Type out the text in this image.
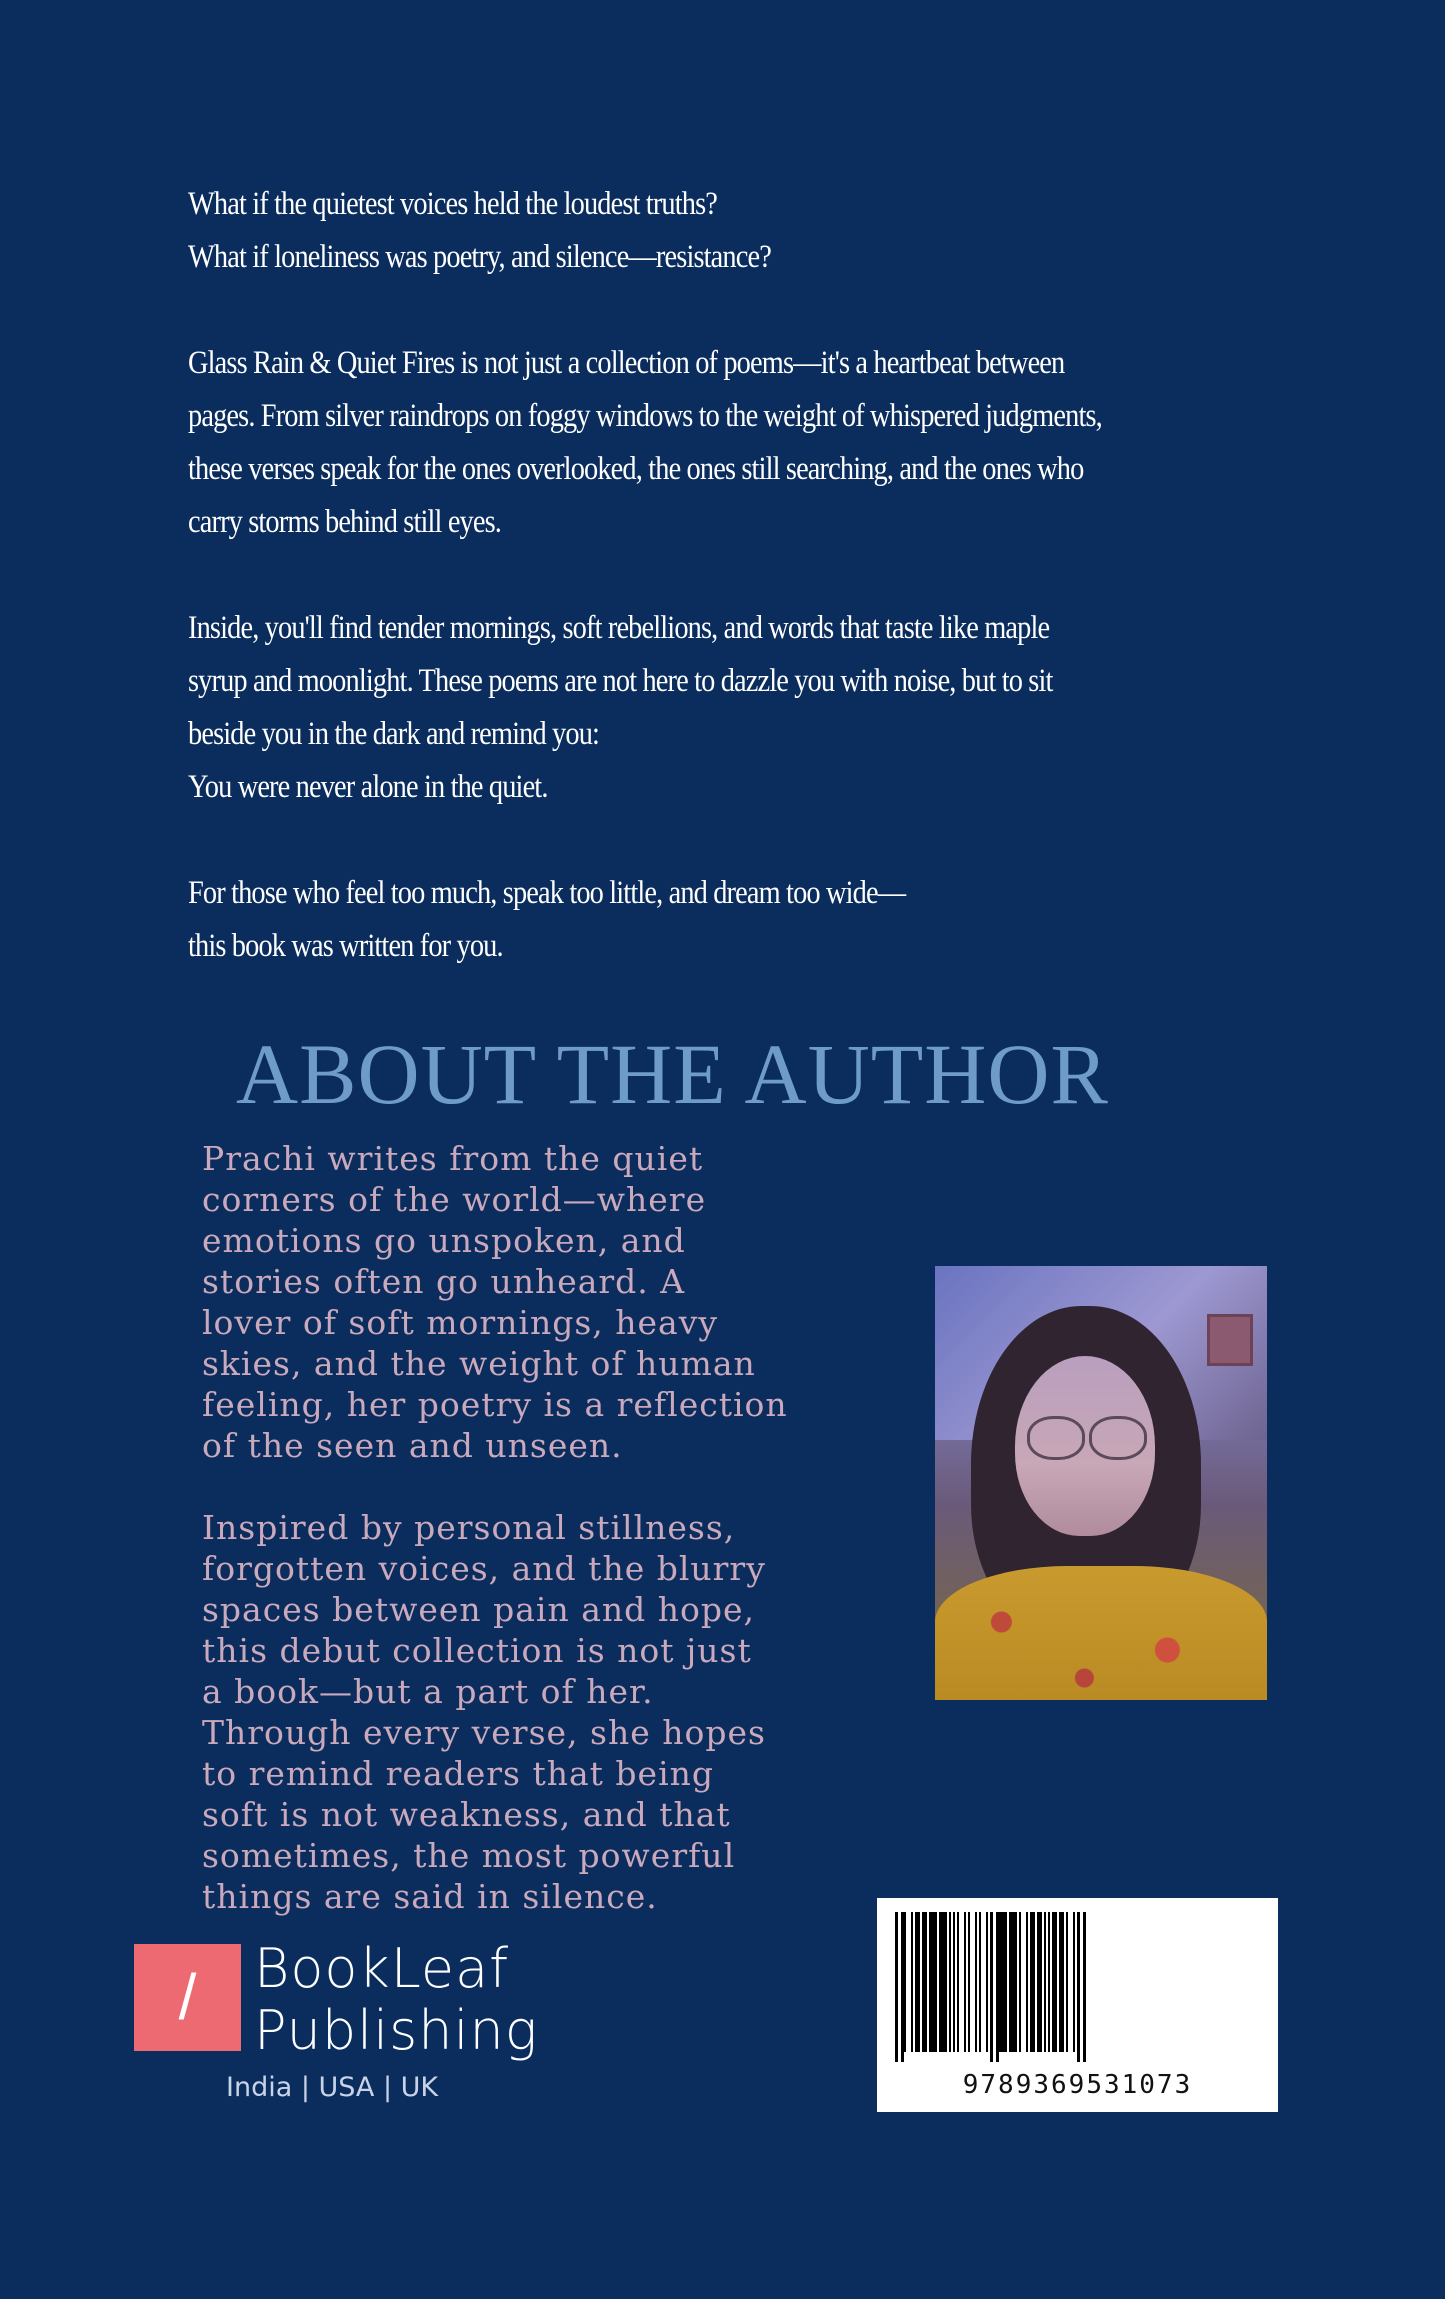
What if the quietest voices held the loudest truths?
What if loneliness was poetry, and silence—resistance?

Glass Rain & Quiet Fires is not just a collection of poems—it's a heartbeat between
pages. From silver raindrops on foggy windows to the weight of whispered judgments,
these verses speak for the ones overlooked, the ones still searching, and the ones who
carry storms behind still eyes.

Inside, you'll find tender mornings, soft rebellions, and words that taste like maple
syrup and moonlight. These poems are not here to dazzle you with noise, but to sit
beside you in the dark and remind you:
You were never alone in the quiet.

For those who feel too much, speak too little, and dream too wide—
this book was written for you.

ABOUT THE AUTHOR

Prachi writes from the quiet
corners of the world—where
emotions go unspoken, and
stories often go unheard. A
lover of soft mornings, heavy
skies, and the weight of human
feeling, her poetry is a reflection
of the seen and unseen.

Inspired by personal stillness,
forgotten voices, and the blurry
spaces between pain and hope,
this debut collection is not just
a book—but a part of her.
Through every verse, she hopes
to remind readers that being
soft is not weakness, and that
sometimes, the most powerful
things are said in silence.

/	BookLeaf
Publishing
India | USA | UK	9789369531073
